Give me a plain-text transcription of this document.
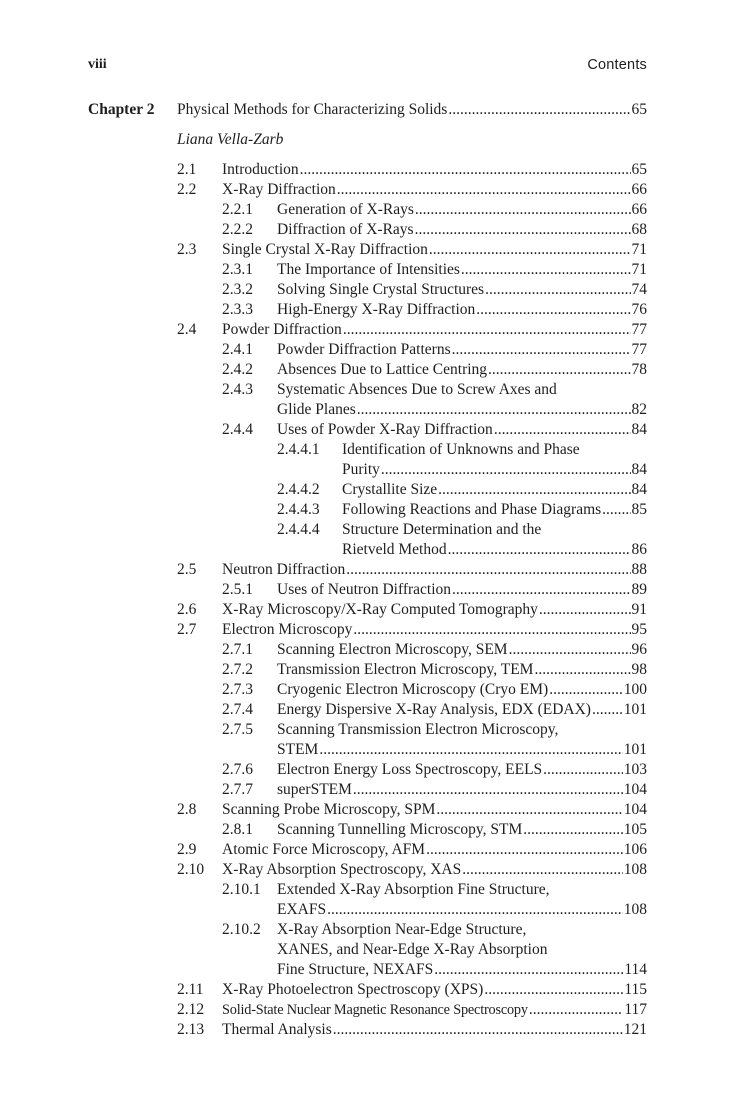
viii	Contents
Chapter 2 Physical Methods for Characterizing Solids .....	65
Liana Vella-Zarb
2.1 Introduction .....	65
2.2 X-Ray Diffraction .....	66
2.2.1 Generation of X-Rays .....	66
2.2.2 Diffraction of X-Rays .....	68
2.3 Single Crystal X-Ray Diffraction .....	71
2.3.1 The Importance of Intensities .....	71
2.3.2 Solving Single Crystal Structures .....	74
2.3.3 High-Energy X-Ray Diffraction .....	76
2.4 Powder Diffraction .....	77
2.4.1 Powder Diffraction Patterns .....	77
2.4.2 Absences Due to Lattice Centring .....	78
2.4.3 Systematic Absences Due to Screw Axes and
Glide Planes .....	82
2.4.4 Uses of Powder X-Ray Diffraction .....	84
2.4.4.1 Identification of Unknowns and Phase
Purity .....	84
2.4.4.2 Crystallite Size .....	84
2.4.4.3 Following Reactions and Phase Diagrams ..... 85
2.4.4.4 Structure Determination and the
Rietveld Method .....	86
2.5 Neutron Diffraction .....	88
2.5.1 Uses of Neutron Diffraction .....	89
2.6 X-Ray Microscopy/X-Ray Computed Tomography .....	91
2.7 Electron Microscopy .....	95
2.7.1 Scanning Electron Microscopy, SEM .....	96
2.7.2 Transmission Electron Microscopy, TEM .....	98
2.7.3 Cryogenic Electron Microscopy (Cryo EM) .....	100
2.7.4 Energy Dispersive X-Ray Analysis, EDX (EDAX) ..... 101
2.7.5 Scanning Transmission Electron Microscopy,
STEM .....	101
2.7.6 Electron Energy Loss Spectroscopy, EELS .....	103
2.7.7 superSTEM .....	104
2.8 Scanning Probe Microscopy, SPM .....	104
2.8.1 Scanning Tunnelling Microscopy, STM .....	105
2.9 Atomic Force Microscopy, AFM .....	106
2.10 X-Ray Absorption Spectroscopy, XAS .....	108
2.10.1 Extended X-Ray Absorption Fine Structure,
EXAFS .....	108
2.10.2 X-Ray Absorption Near-Edge Structure,
XANES, and Near-Edge X-Ray Absorption
Fine Structure, NEXAFS .....	114
2.11 X-Ray Photoelectron Spectroscopy (XPS) .....	115
2.12 Solid-State Nuclear Magnetic Resonance Spectroscopy .....	117
2.13 Thermal Analysis .....	121
